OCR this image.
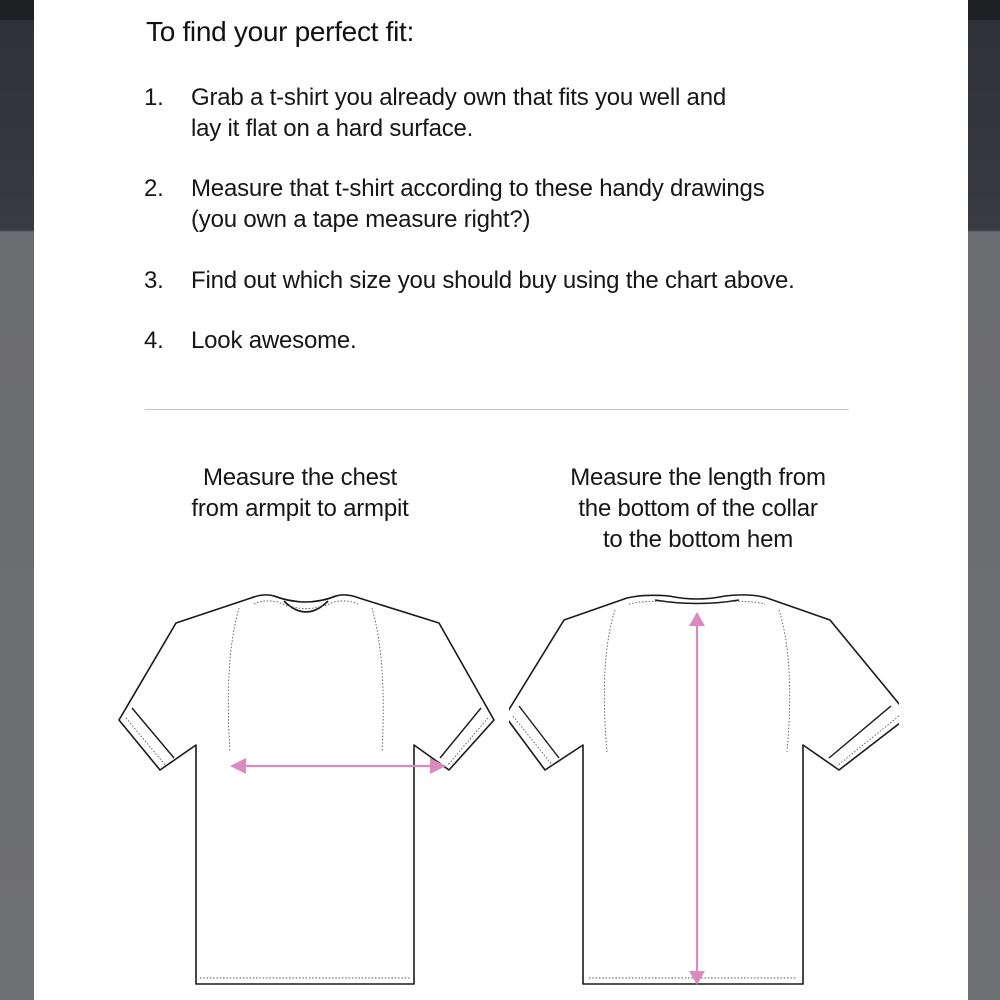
To find your perfect fit:
1.	Grab a t-shirt you already own that fits you well and
lay it flat on a hard surface.
2.	Measure that t-shirt according to these handy drawings
(you own a tape measure right?)
3.	Find out which size you should buy using the chart above.
4.	Look awesome.
Measure the chest
from armpit to armpit
Measure the length from
the bottom of the collar
to the bottom hem
